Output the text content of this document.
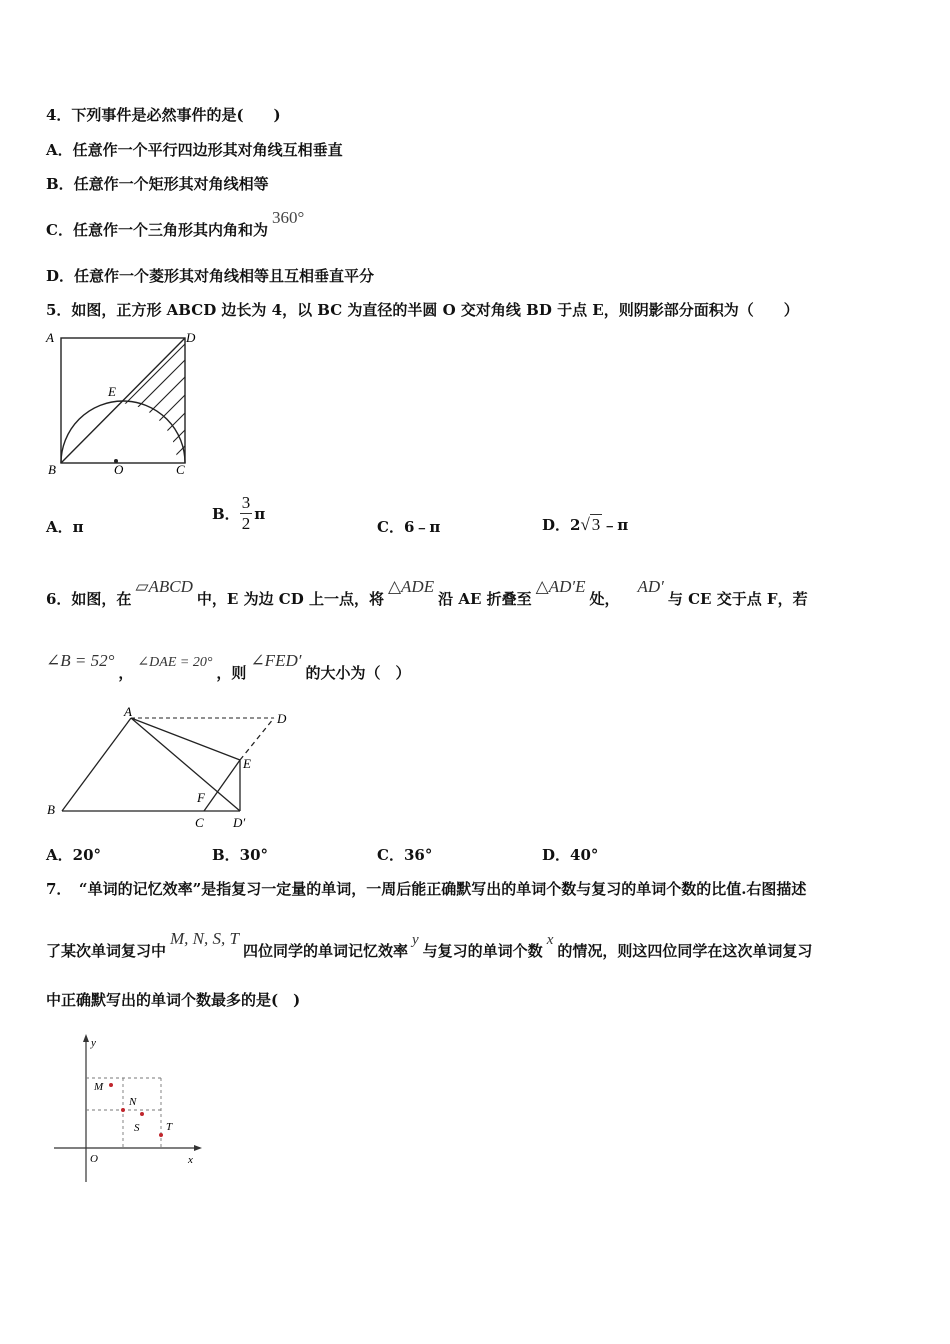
4．下列事件是必然事件的是(　　)
A．任意作一个平行四边形其对角线互相垂直
B．任意作一个矩形其对角线相等
C．任意作一个三角形其内角和为360°
D．任意作一个菱形其对角线相等且互相垂直平分
5．如图，正方形 ABCD 边长为 4，以 BC 为直径的半圆 O 交对角线 BD 于点 E，则阴影部分面积为（　　）
A	D
E
B	O	C
A．π
B． $\frac{3}{2}$ π
C．6﹣π	D．2√ 3 ﹣π
6．如图，在▱ABCD中，E 为边 CD 上一点，将△ADE沿 AE 折叠至△AD′E处，AD′与 CE 交于点 F，若
∠B = 52°，∠DAE = 20°，则∠FED′的大小为（　）
A	D
E
F
B
C D′
A．20°	B．30°	C．36°	D．40°
7．　“单词的记忆效率”是指复习一定量的单词，一周后能正确默写出的单词个数与复习的单词个数的比值.右图描述
了某次单词复习中M, N, S, T四位同学的单词记忆效率y与复习的单词个数x的情况，则这四位同学在这次单词复习
中正确默写出的单词个数最多的是(　)
y
x
O
M
N
S T
